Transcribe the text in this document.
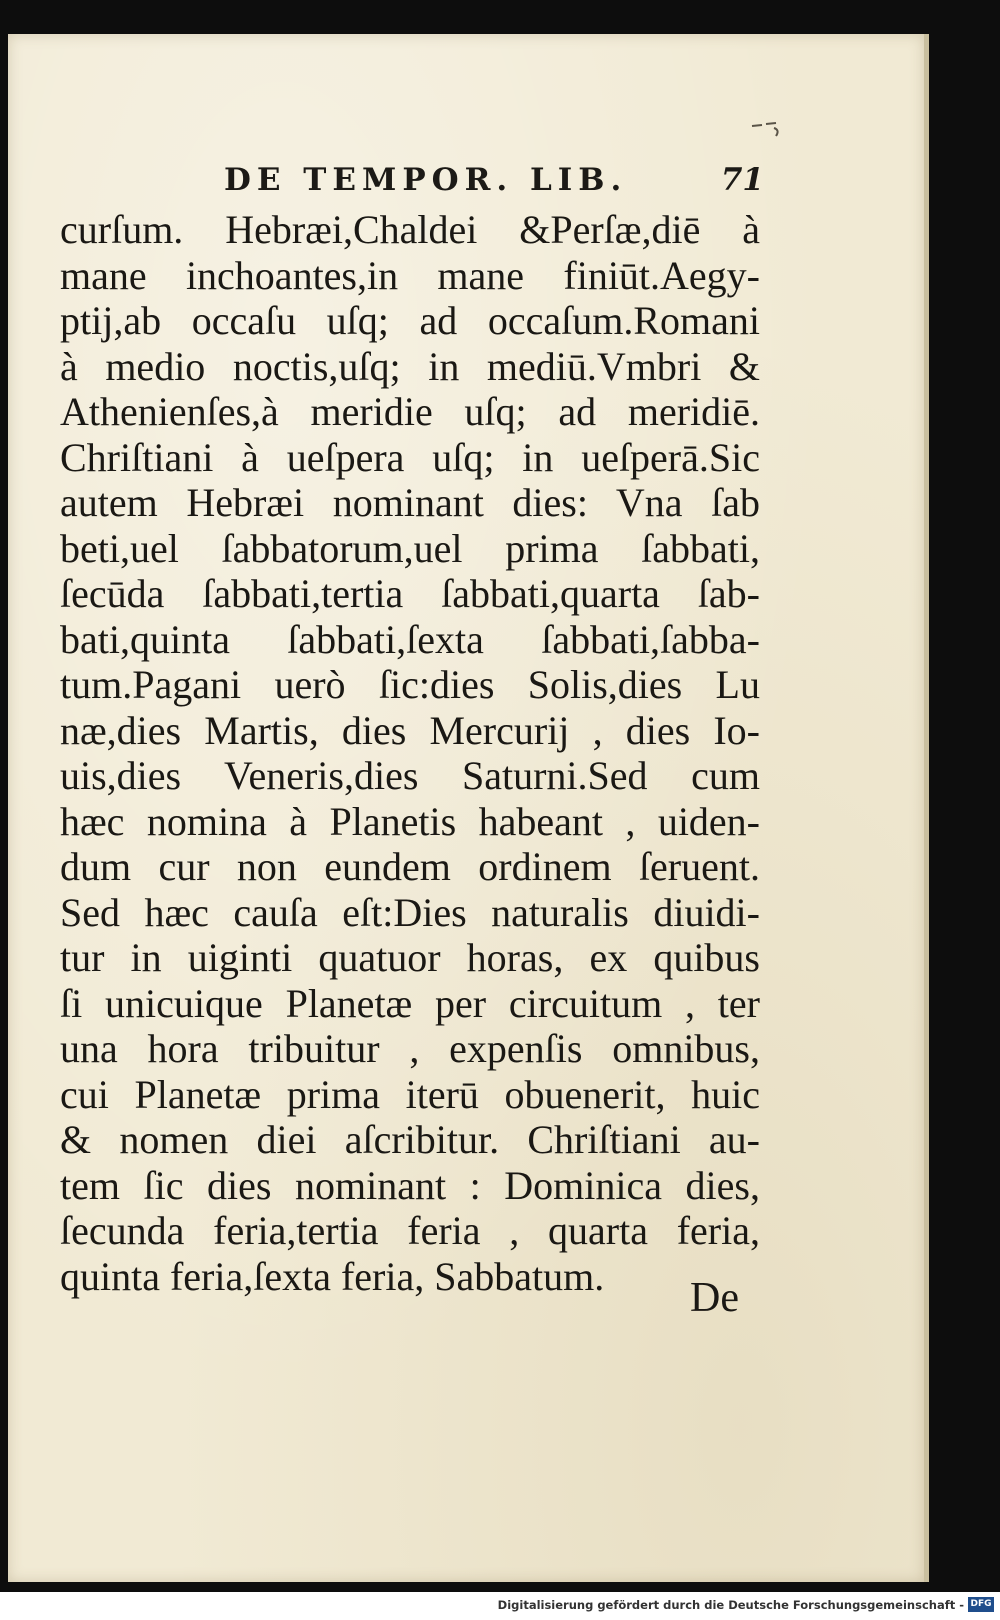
DE TEMPOR. LIB.	71
curſum. Hebræi,Chaldei &Perſæ,diē à
mane inchoantes,in mane finiūt.Aegy-
ptij,ab occaſu uſq; ad occaſum.Romani
à medio noctis,uſq; in mediū.Vmbri &
Athenienſes,à meridie uſq; ad meridiē.
Chriſtiani à ueſpera uſq; in ueſperā.Sic
autem Hebræi nominant dies: Vna ſab
beti,uel ſabbatorum,uel prima ſabbati,
ſecūda ſabbati,tertia ſabbati,quarta ſab-
bati,quinta ſabbati,ſexta ſabbati,ſabba-
tum.Pagani uerò ſic:dies Solis,dies Lu
næ,dies Martis, dies Mercurij , dies Io-
uis,dies Veneris,dies Saturni.Sed cum
hæc nomina à Planetis habeant , uiden-
dum cur non eundem ordinem ſeruent.
Sed hæc cauſa eſt:Dies naturalis diuidi-
tur in uiginti quatuor horas, ex quibus
ſi unicuique Planetæ per circuitum , ter
una hora tribuitur , expenſis omnibus,
cui Planetæ prima iterū obuenerit, huic
& nomen diei aſcribitur. Chriſtiani au-
tem ſic dies nominant : Dominica dies,
ſecunda feria,tertia feria , quarta feria,
quinta feria,ſexta feria, Sabbatum.	De
Digitalisierung gefördert durch die Deutsche Forschungsgemeinschaft - DFG
